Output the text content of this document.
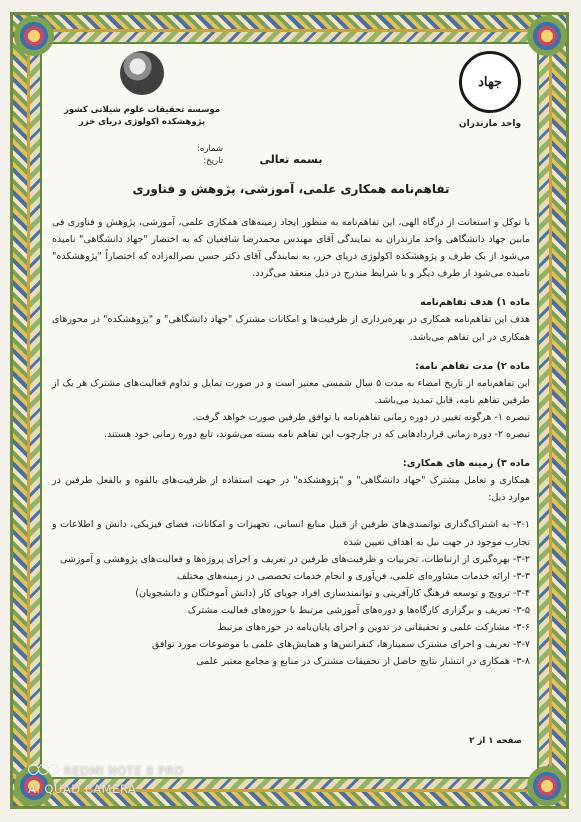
جهاد
واحد مازندران
موسسه تحقیقات علوم شیلاتی کشور
پژوهشکده اکولوژی دریای خزر
شماره:
تاریخ:	بسمه تعالی
تفاهم‌نامه همکاری علمی، آموزشی، پژوهش و فناوری

با توکل و استعانت از درگاه الهی، این تفاهم‌نامه به منظور ایجاد زمینه‌های همکاری علمی، آموزشی، پژوهش و فناوری فی مابین جهاد دانشگاهی واحد مازندران به نمایندگی آقای مهندس محمدرضا شافعیان که به اختصار "جهاد دانشگاهی" نامیده می‌شود از یک طرف و پژوهشکده اکولوژی دریای خزر، به نمایندگی آقای دکتر حسن نصراله‌زاده که اختصاراً "پژوهشکده" نامیده می‌شود از طرف دیگر و با شرایط مندرج در ذیل منعقد می‌گردد.

ماده ۱) هدف تفاهم‌نامه

هدف این تفاهم‌نامه همکاری در بهره‌برداری از ظرفیت‌ها و امکانات مشترک "جهاد دانشگاهی" و "پژوهشکده" در محورهای همکاری در این تفاهم می‌باشد.

ماده ۲) مدت تفاهم نامه:

این تفاهم‌نامه از تاریخ امضاء به مدت ۵ سال شمسی معتبر است و در صورت تمایل و تداوم فعالیت‌های مشترک هر یک از طرفین تفاهم نامه، قابل تمدید می‌باشد.

تبصره ۱- هرگونه تغییر در دوره زمانی تفاهم‌نامه با توافق طرفین صورت خواهد گرفت.

تبصره ۲- دوره زمانی قراردادهایی که در چارچوب این تفاهم نامه بسته می‌شوند، تابع دوره زمانی خود هستند.

ماده ۳) زمینه های همکاری:

همکاری و تعامل مشترک "جهاد دانشگاهی" و "پژوهشکده" در جهت استفاده از ظرفیت‌های بالقوه و بالفعل طرفین در موارد ذیل:

۳-۱- به اشتراک‌گذاری توانمندی‌های طرفین از قبیل منابع انسانی، تجهیزات و امکانات، فضای فیزیکی، دانش و اطلاعات و تجارب موجود در جهت نیل به اهداف تعیین شده

۳-۲- بهره‌گیری از ارتباطات، تجربیات و ظرفیت‌های طرفین در تعریف و اجرای پروژه‌ها و فعالیت‌های پژوهشی و آموزشی

۳-۳- ارائه خدمات مشاوره‌ای علمی، فن‌آوری و انجام خدمات تخصصی در زمینه‌های مختلف

۳-۴- ترویج و توسعه فرهنگ کارآفرینی و توانمندسازی افراد جویای کار (دانش آموختگان و دانشجویان)

۳-۵- تعریف و برگزاری کارگاه‌ها و دوره‌های آموزشی مرتبط با حوزه‌های فعالیت مشترک

۳-۶- مشارکت علمی و تحقیقاتی در تدوین و اجرای پایان‌نامه در حوزه‌های مرتبط

۳-۷- تعریف و اجرای مشترک سمینارها، کنفرانس‌ها و همایش‌های علمی با موضوعات مورد توافق

۳-۸- همکاری در انتشار نتایج حاصل از تحقیقات مشترک در منابع و مجامع معتبر علمی

صفحه ۱ از ۲
REDMI NOTE 8 PRO
AI QUAD CAMERA
